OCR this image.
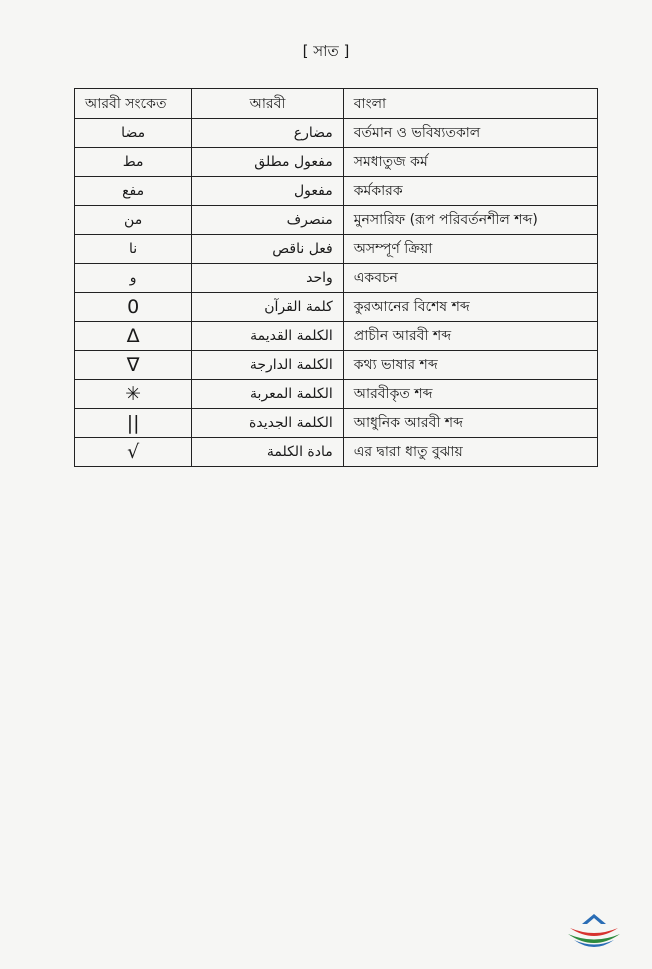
[ সাত ]
আরবী সংকেত	আরবী	বাংলা
مضا	مضارع	বর্তমান ও ভবিষ্যতকাল
مط	مفعول مطلق	সমধাতুজ কর্ম
مفع	مفعول	কর্মকারক
من	منصرف	মুনসারিফ (রূপ পরিবর্তনশীল শব্দ)
نا	فعل ناقص	অসম্পূর্ণ ক্রিয়া
و	واحد	একবচন
0	كلمة القرآن	কুরআনের বিশেষ শব্দ
Δ	الكلمة القديمة	প্রাচীন আরবী শব্দ
∇	الكلمة الدارجة	কথ্য ভাষার শব্দ
✳	الكلمة المعربة	আরবীকৃত শব্দ
||	الكلمة الجديدة	আধুনিক আরবী শব্দ
√	مادة الكلمة	এর দ্বারা ধাতু বুঝায়
